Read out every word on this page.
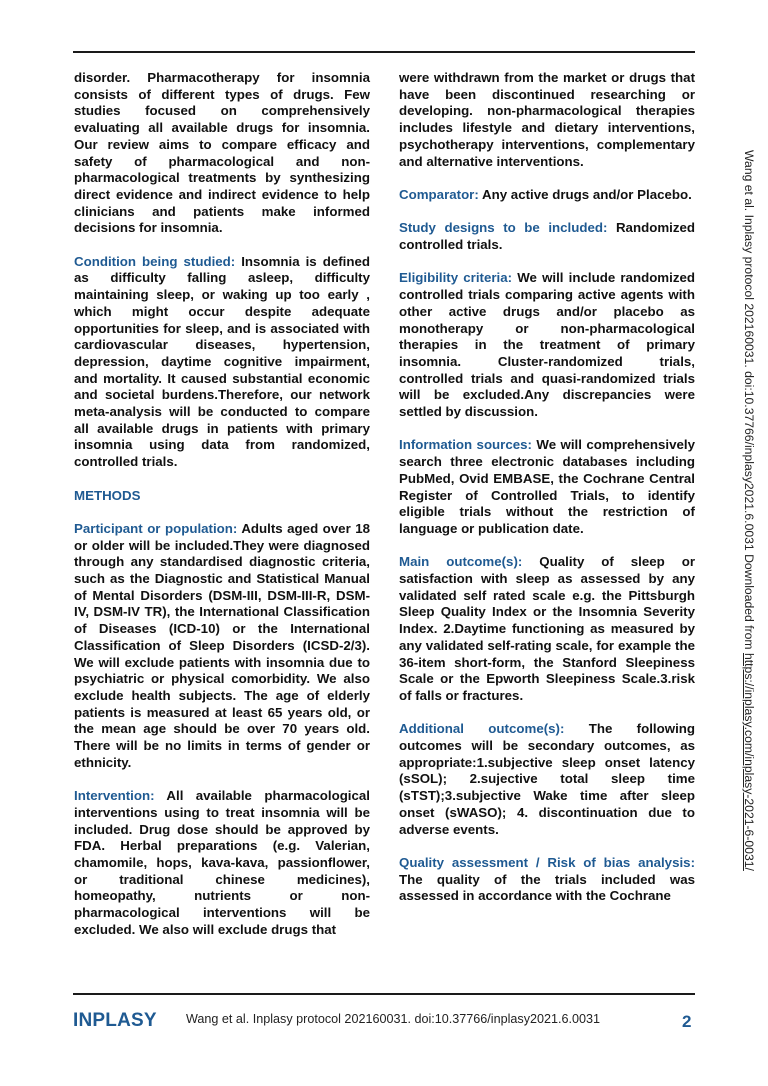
disorder. Pharmacotherapy for insomnia consists of different types of drugs. Few studies focused on comprehensively evaluating all available drugs for insomnia. Our review aims to compare efficacy and safety of pharmacological and non-pharmacological treatments by synthesizing direct evidence and indirect evidence to help clinicians and patients make informed decisions for insomnia.

Condition being studied: Insomnia is defined as difficulty falling asleep, difficulty maintaining sleep, or waking up too early , which might occur despite adequate opportunities for sleep, and is associated with cardiovascular diseases, hypertension, depression, daytime cognitive impairment, and mortality. It caused substantial economic and societal burdens.Therefore, our network meta-analysis will be conducted to compare all available drugs in patients with primary insomnia using data from randomized, controlled trials.

METHODS

Participant or population: Adults aged over 18 or older will be included.They were diagnosed through any standardised diagnostic criteria, such as the Diagnostic and Statistical Manual of Mental Disorders (DSM-III, DSM-III-R, DSM-IV, DSM-IV TR), the International Classification of Diseases (ICD-10) or the International Classification of Sleep Disorders (ICSD-2/3). We will exclude patients with insomnia due to psychiatric or physical comorbidity. We also exclude health subjects. The age of elderly patients is measured at least 65 years old, or the mean age should be over 70 years old. There will be no limits in terms of gender or ethnicity.

Intervention: All available pharmacological interventions using to treat insomnia will be included. Drug dose should be approved by FDA. Herbal preparations (e.g. Valerian, chamomile, hops, kava-kava, passionflower, or traditional chinese medicines), homeopathy, nutrients or non-pharmacological interventions will be excluded. We also will exclude drugs that

were withdrawn from the market or drugs that have been discontinued researching or developing. non-pharmacological therapies includes lifestyle and dietary interventions, psychotherapy interventions, complementary and alternative interventions.

Comparator: Any active drugs and/or Placebo.

Study designs to be included: Randomized controlled trials.

Eligibility criteria: We will include randomized controlled trials comparing active agents with other active drugs and/or placebo as monotherapy or non-pharmacological therapies in the treatment of primary insomnia. Cluster-randomized trials, controlled trials and quasi-randomized trials will be excluded.Any discrepancies were settled by discussion.

Information sources: We will comprehensively search three electronic databases including PubMed, Ovid EMBASE, the Cochrane Central Register of Controlled Trials, to identify eligible trials without the restriction of language or publication date.

Main outcome(s): Quality of sleep or satisfaction with sleep as assessed by any validated self rated scale e.g. the Pittsburgh Sleep Quality Index or the Insomnia Severity Index. 2.Daytime functioning as measured by any validated self-rating scale, for example the 36-item short-form, the Stanford Sleepiness Scale or the Epworth Sleepiness Scale.3.risk of falls or fractures.

Additional outcome(s): The following outcomes will be secondary outcomes, as appropriate:1.subjective sleep onset latency (sSOL); 2.sujective total sleep time (sTST);3.subjective Wake time after sleep onset (sWASO); 4. discontinuation due to adverse events.

Quality assessment / Risk of bias analysis: The quality of the trials included was assessed in accordance with the Cochrane

INPLASY Wang et al. Inplasy protocol 202160031. doi:10.37766/inplasy2021.6.0031	2
Wang et al. Inplasy protocol 202160031. doi:10.37766/inplasy2021.6.0031 Downloaded from https://inplasy.com/inplasy-2021-6-0031/
